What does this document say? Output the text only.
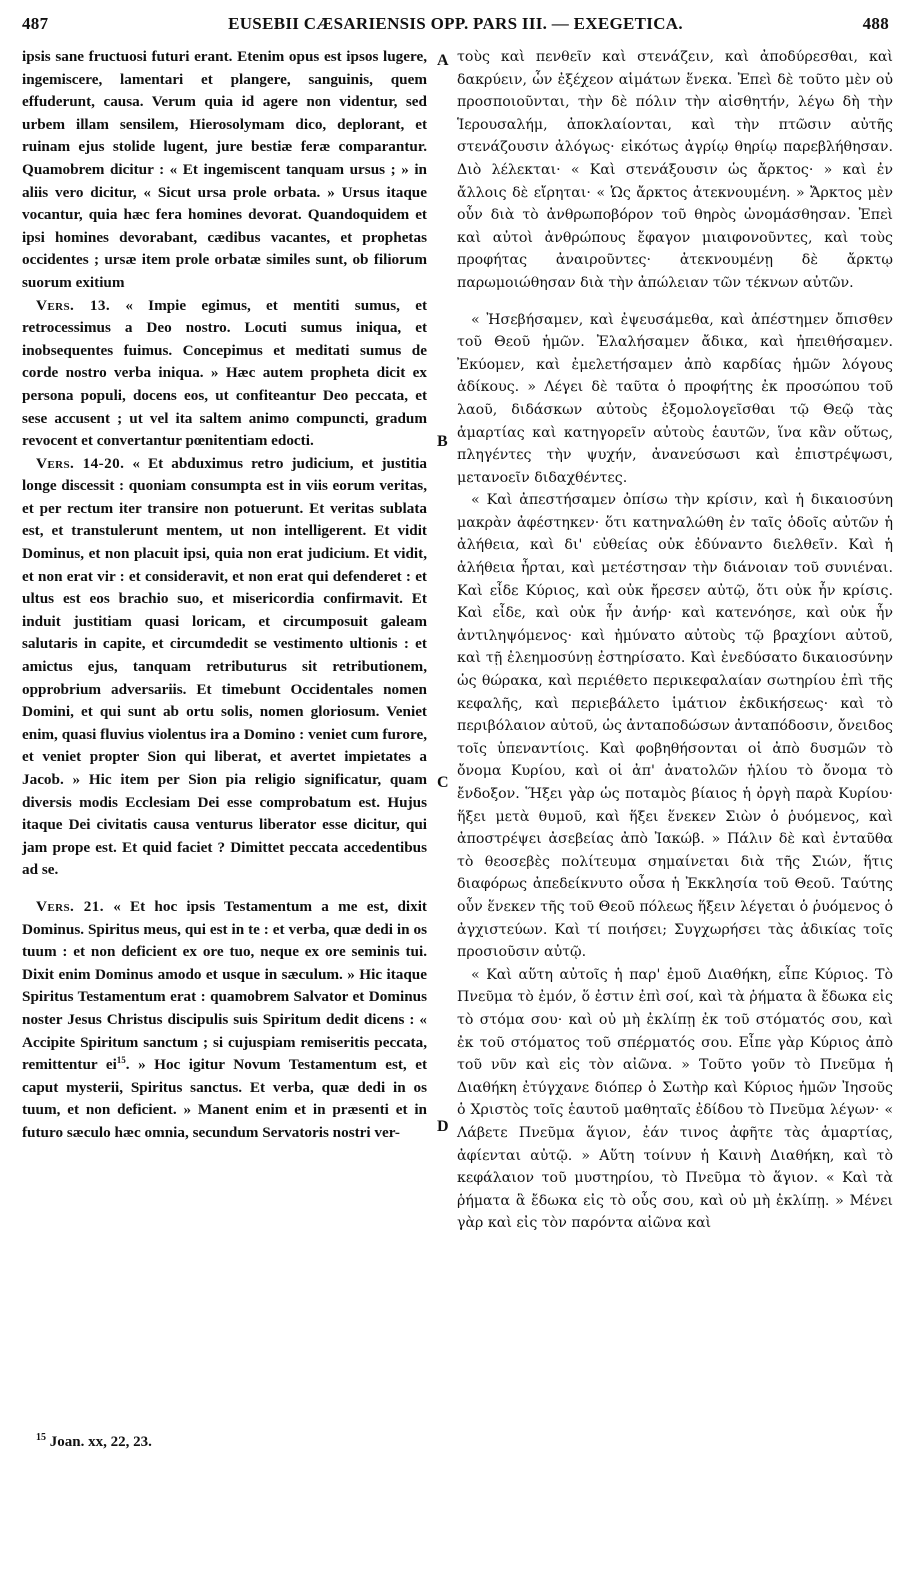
487	EUSEBII CÆSARIENSIS OPP. PARS III. — EXEGETICA.	488
A
B
C
D

ipsis sane fructuosi futuri erant. Etenim opus est ipsos lugere, ingemiscere, lamentari et plangere, sanguinis, quem effuderunt, causa. Verum quia id agere non videntur, sed urbem illam sensilem, Hierosolymam dico, deplorant, et ruinam ejus stolide lugent, jure bestiæ feræ comparantur. Quamobrem dicitur : « Et ingemiscent tanquam ursus ; » in aliis vero dicitur, « Sicut ursa prole orbata. » Ursus itaque vocantur, quia hæc fera homines devorat. Quandoquidem et ipsi homines devorabant, cædibus vacantes, et prophetas occidentes ; ursæ item prole orbatæ similes sunt, ob filiorum suorum exitium

Vers. 13. « Impie egimus, et mentiti sumus, et retrocessimus a Deo nostro. Locuti sumus iniqua, et inobsequentes fuimus. Concepimus et meditati sumus de corde nostro verba iniqua. » Hæc autem propheta dicit ex persona populi, docens eos, ut confiteantur Deo peccata, et sese accusent ; ut vel ita saltem animo compuncti, gradum revocent et convertantur pœnitentiam edocti.

Vers. 14-20. « Et abduximus retro judicium, et justitia longe discessit : quoniam consumpta est in viis eorum veritas, et per rectum iter transire non potuerunt. Et veritas sublata est, et transtulerunt mentem, ut non intelligerent. Et vidit Dominus, et non placuit ipsi, quia non erat judicium. Et vidit, et non erat vir : et consideravit, et non erat qui defenderet : et ultus est eos brachio suo, et misericordia confirmavit. Et induit justitiam quasi loricam, et circumposuit galeam salutaris in capite, et circumdedit se vestimento ultionis : et amictus ejus, tanquam retributurus sit retributionem, opprobrium adversariis. Et timebunt Occidentales nomen Domini, et qui sunt ab ortu solis, nomen gloriosum. Veniet enim, quasi fluvius violentus ira a Domino : veniet cum furore, et veniet propter Sion qui liberat, et avertet impietates a Jacob. » Hic item per Sion pia religio significatur, quam diversis modis Ecclesiam Dei esse comprobatum est. Hujus itaque Dei civitatis causa venturus liberator esse dicitur, qui jam prope est. Et quid faciet ? Dimittet peccata accedentibus ad se.

Vers. 21. « Et hoc ipsis Testamentum a me est, dixit Dominus. Spiritus meus, qui est in te : et verba, quæ dedi in os tuum : et non deficient ex ore tuo, neque ex ore seminis tui. Dixit enim Dominus amodo et usque in sæculum. » Hic itaque Spiritus Testamentum erat : quamobrem Salvator et Dominus noster Jesus Christus discipulis suis Spiritum dedit dicens : « Accipite Spiritum sanctum ; si cujuspiam remiseritis peccata, remittentur $ei^{15}$. » Hoc igitur Novum Testamentum est, et caput mysterii, Spiritus sanctus. Et verba, quæ dedi in os tuum, et non deficient. » Manent enim et in præsenti et in futuro sæculo hæc omnia, secundum Servatoris nostri ver-

τοὺς καὶ πενθεῖν καὶ στενάζειν, καὶ ἀποδύρεσθαι, καὶ δακρύειν, ὧν ἐξέχεον αἱμάτων ἕνεκα. Ἐπεὶ δὲ τοῦτο μὲν οὐ προσποιοῦνται, τὴν δὲ πόλιν τὴν αἰσθητήν, λέγω δὴ τὴν Ἱερουσαλήμ, ἀποκλαίονται, καὶ τὴν πτῶσιν αὐτῆς στενάζουσιν ἀλόγως· εἰκότως ἀγρίῳ θηρίῳ παρεβλήθησαν. Διὸ λέλεκται· « Καὶ στενάξουσιν ὡς ἄρκτος· » καὶ ἐν ἄλλοις δὲ εἴρηται· « Ὡς ἄρκτος ἀτεκνουμένη. » Ἄρκτος μὲν οὖν διὰ τὸ ἀνθρωποβόρον τοῦ θηρὸς ὠνομάσθησαν. Ἐπεὶ καὶ αὐτοὶ ἀνθρώπους ἔφαγον μιαιφονοῦντες, καὶ τοὺς προφήτας ἀναιροῦντες· ἀτεκνουμένῃ δὲ ἄρκτῳ παρωμοιώθησαν διὰ τὴν ἀπώλειαν τῶν τέκνων αὐτῶν.

« Ἠσεβήσαμεν, καὶ ἐψευσάμεθα, καὶ ἀπέστημεν ὄπισθεν τοῦ Θεοῦ ἡμῶν. Ἐλαλήσαμεν ἄδικα, καὶ ἠπειθήσαμεν. Ἐκύομεν, καὶ ἐμελετήσαμεν ἀπὸ καρδίας ἡμῶν λόγους ἀδίκους. » Λέγει δὲ ταῦτα ὁ προφήτης ἐκ προσώπου τοῦ λαοῦ, διδάσκων αὐτοὺς ἐξομολογεῖσθαι τῷ Θεῷ τὰς ἁμαρτίας καὶ κατηγορεῖν αὐτοὺς ἑαυτῶν, ἵνα κἂν οὕτως, πληγέντες τὴν ψυχήν, ἀνανεύσωσι καὶ ἐπιστρέψωσι, μετανοεῖν διδαχθέντες.

« Καὶ ἀπεστήσαμεν ὀπίσω τὴν κρίσιν, καὶ ἡ δικαιοσύνη μακρὰν ἀφέστηκεν· ὅτι κατηναλώθη ἐν ταῖς ὁδοῖς αὐτῶν ἡ ἀλήθεια, καὶ δι' εὐθείας οὐκ ἐδύναντο διελθεῖν. Καὶ ἡ ἀλήθεια ἦρται, καὶ μετέστησαν τὴν διάνοιαν τοῦ συνιέναι. Καὶ εἶδε Κύριος, καὶ οὐκ ἤρεσεν αὐτῷ, ὅτι οὐκ ἦν κρίσις. Καὶ εἶδε, καὶ οὐκ ἦν ἀνήρ· καὶ κατενόησε, καὶ οὐκ ἦν ἀντιληψόμενος· καὶ ἠμύνατο αὐτοὺς τῷ βραχίονι αὐτοῦ, καὶ τῇ ἐλεημοσύνῃ ἐστηρίσατο. Καὶ ἐνεδύσατο δικαιοσύνην ὡς θώρακα, καὶ περιέθετο περικεφαλαίαν σωτηρίου ἐπὶ τῆς κεφαλῆς, καὶ περιεβάλετο ἱμάτιον ἐκδικήσεως· καὶ τὸ περιβόλαιον αὐτοῦ, ὡς ἀνταποδώσων ἀνταπόδοσιν, ὄνειδος τοῖς ὑπεναντίοις. Καὶ φοβηθήσονται οἱ ἀπὸ δυσμῶν τὸ ὄνομα Κυρίου, καὶ οἱ ἀπ' ἀνατολῶν ἡλίου τὸ ὄνομα τὸ ἔνδοξον. Ἥξει γὰρ ὡς ποταμὸς βίαιος ἡ ὀργὴ παρὰ Κυρίου· ἥξει μετὰ θυμοῦ, καὶ ἥξει ἕνεκεν Σιὼν ὁ ῥυόμενος, καὶ ἀποστρέψει ἀσεβείας ἀπὸ Ἰακώβ. » Πάλιν δὲ καὶ ἐνταῦθα τὸ θεοσεβὲς πολίτευμα σημαίνεται διὰ τῆς Σιών, ἥτις διαφόρως ἀπεδείκνυτο οὖσα ἡ Ἐκκλησία τοῦ Θεοῦ. Ταύτης οὖν ἕνεκεν τῆς τοῦ Θεοῦ πόλεως ἥξειν λέγεται ὁ ῥυόμενος ὁ ἀγχιστεύων. Καὶ τί ποιήσει; Συγχωρήσει τὰς ἀδικίας τοῖς προσιοῦσιν αὐτῷ.

« Καὶ αὕτη αὐτοῖς ἡ παρ' ἐμοῦ Διαθήκη, εἶπε Κύριος. Τὸ Πνεῦμα τὸ ἐμόν, ὅ ἐστιν ἐπὶ σοί, καὶ τὰ ῥήματα ἃ ἔδωκα εἰς τὸ στόμα σου· καὶ οὐ μὴ ἐκλίπῃ ἐκ τοῦ στόματός σου, καὶ ἐκ τοῦ στόματος τοῦ σπέρματός σου. Εἶπε γὰρ Κύριος ἀπὸ τοῦ νῦν καὶ εἰς τὸν αἰῶνα. » Τοῦτο γοῦν τὸ Πνεῦμα ἡ Διαθήκη ἐτύγχανε διόπερ ὁ Σωτὴρ καὶ Κύριος ἡμῶν Ἰησοῦς ὁ Χριστὸς τοῖς ἑαυτοῦ μαθηταῖς ἐδίδου τὸ Πνεῦμα λέγων· « Λάβετε Πνεῦμα ἅγιον, ἐάν τινος ἀφῆτε τὰς ἁμαρτίας, ἀφίενται αὐτῷ. » Αὕτη τοίνυν ἡ Καινὴ Διαθήκη, καὶ τὸ κεφάλαιον τοῦ μυστηρίου, τὸ Πνεῦμα τὸ ἅγιον. « Καὶ τὰ ῥήματα ἃ ἔδωκα εἰς τὸ οὖς σου, καὶ οὐ μὴ ἐκλίπῃ. » Μένει γὰρ καὶ εἰς τὸν παρόντα αἰῶνα καὶ

$^{15}$ Joan. xx, 22, 23.
